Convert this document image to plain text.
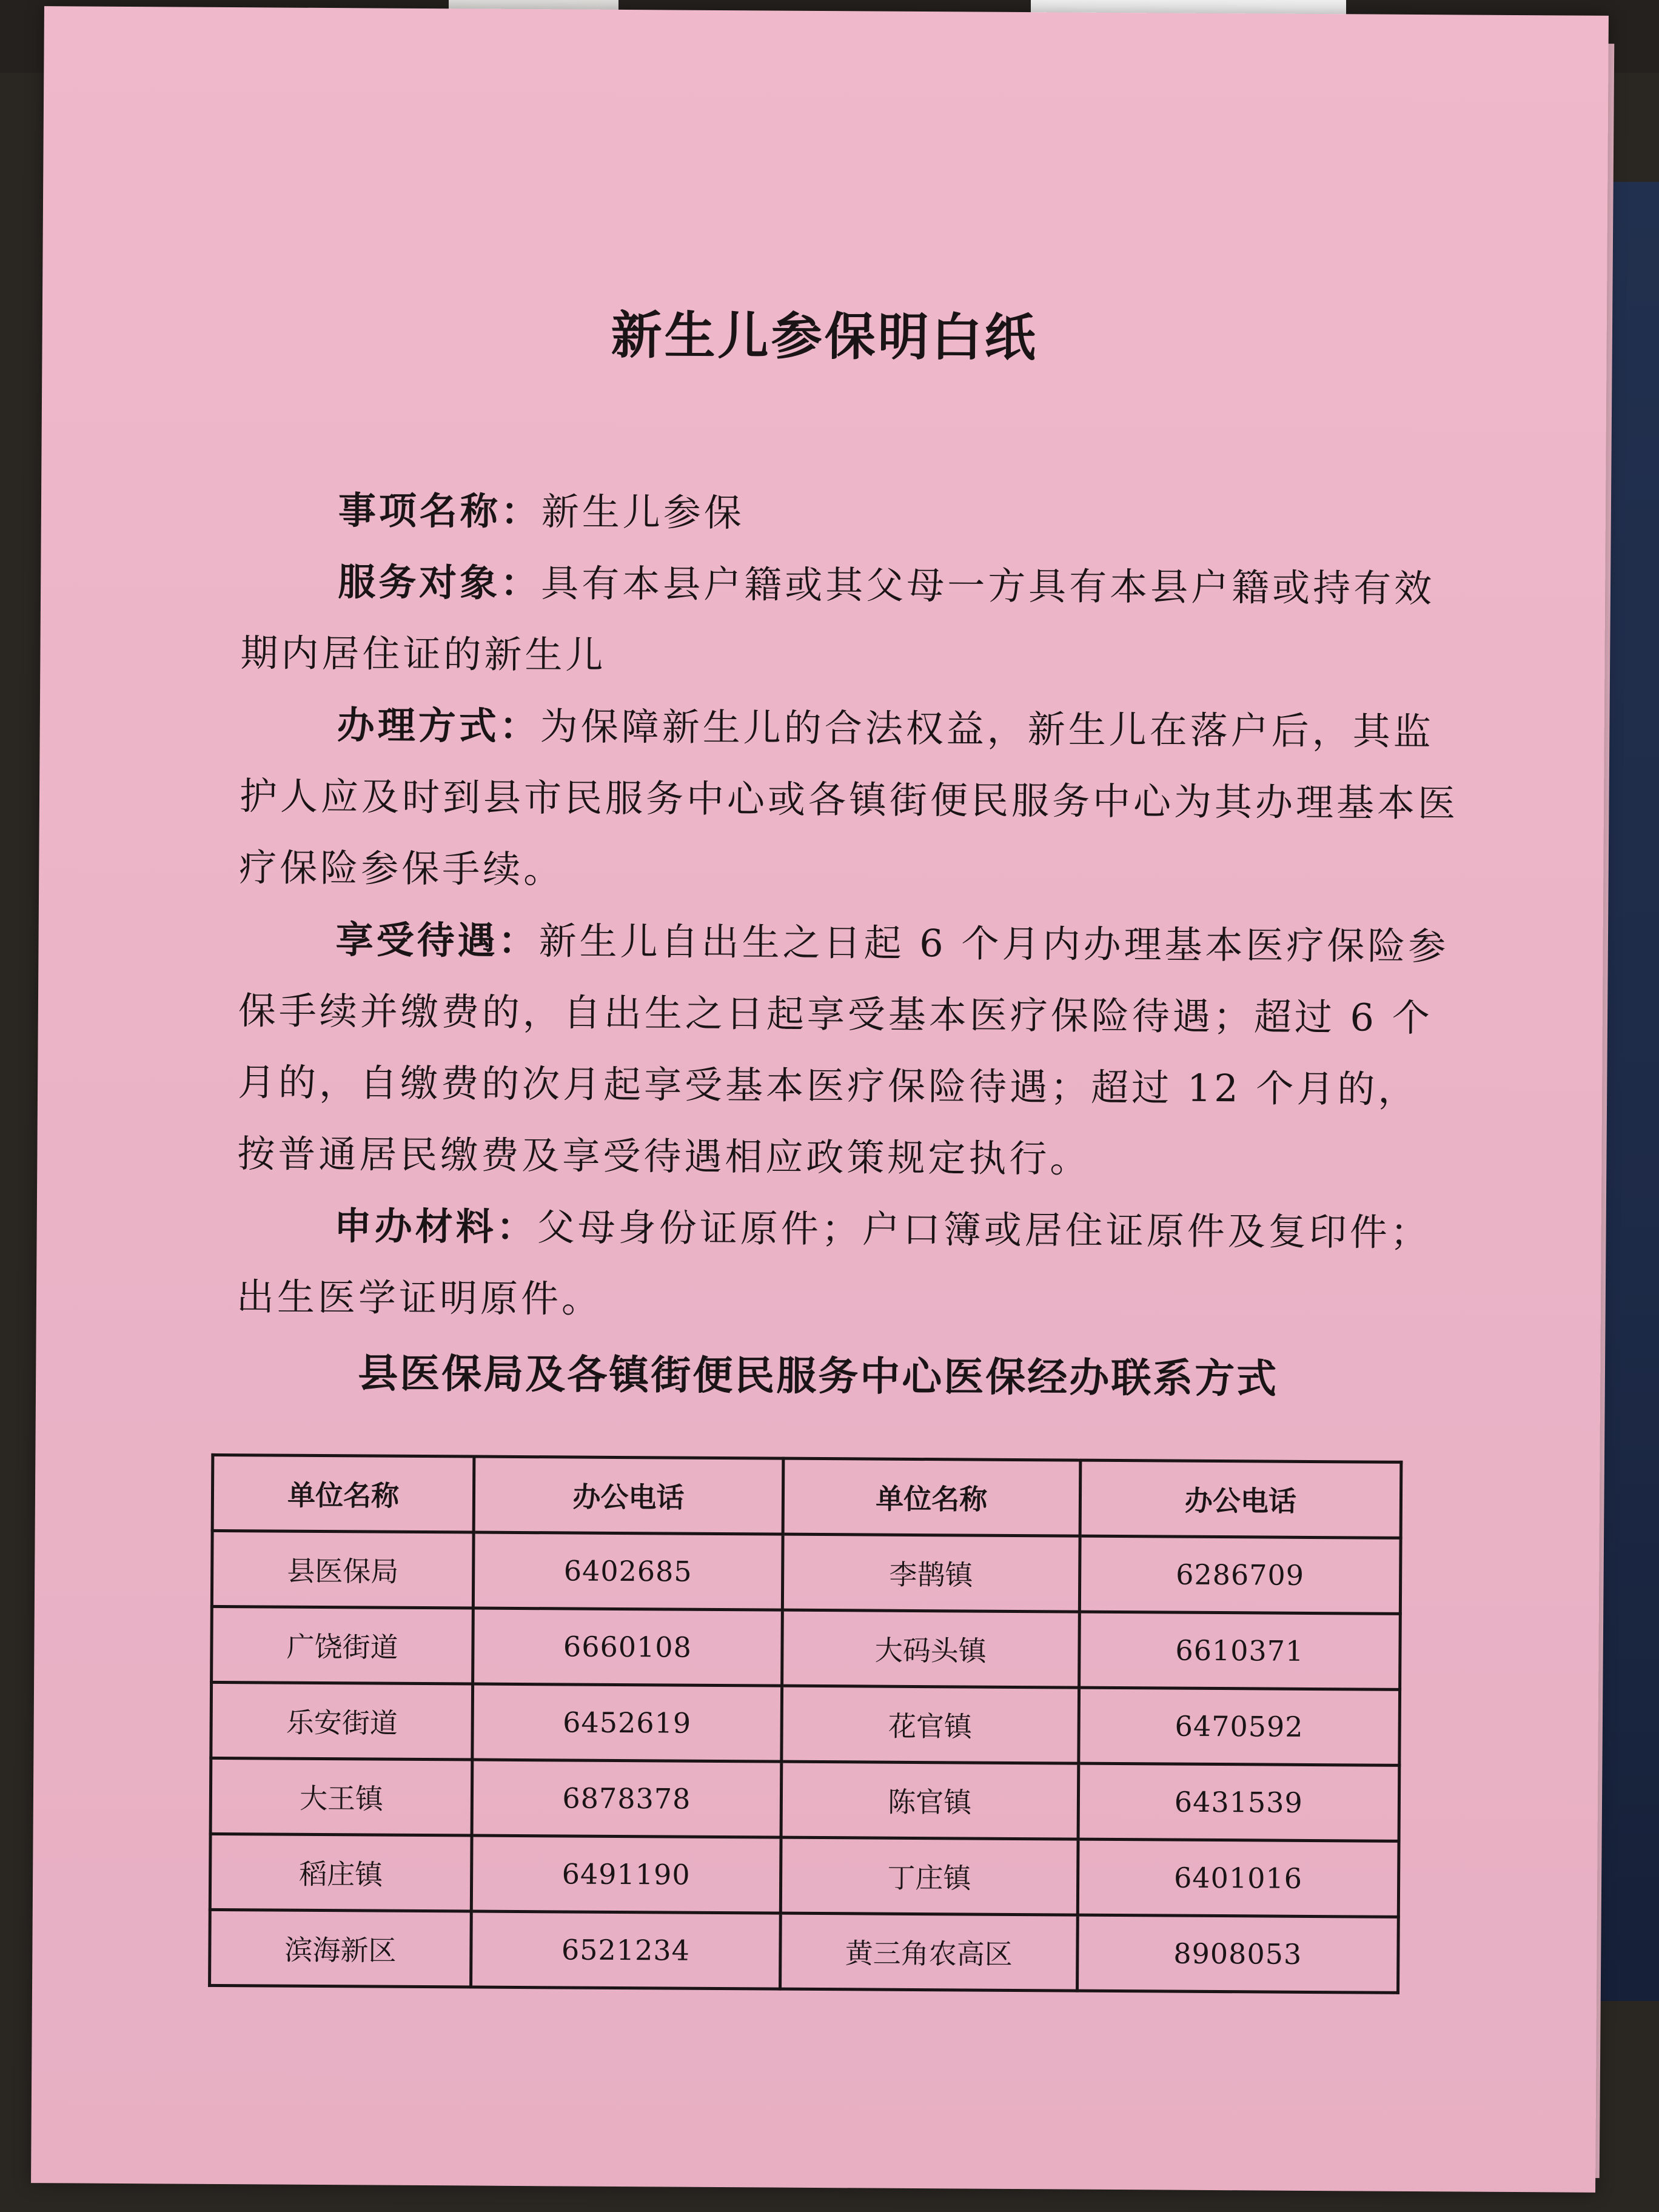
新生儿参保明白纸

事项名称：新生儿参保

服务对象：具有本县户籍或其父母一方具有本县户籍或持有效期内居住证的新生儿

办理方式：为保障新生儿的合法权益，新生儿在落户后，其监护人应及时到县市民服务中心或各镇街便民服务中心为其办理基本医疗保险参保手续。

享受待遇：新生儿自出生之日起 6 个月内办理基本医疗保险参保手续并缴费的，自出生之日起享受基本医疗保险待遇；超过 6 个月的，自缴费的次月起享受基本医疗保险待遇；超过 12 个月的，按普通居民缴费及享受待遇相应政策规定执行。

申办材料：父母身份证原件；户口簿或居住证原件及复印件；出生医学证明原件。

县医保局及各镇街便民服务中心医保经办联系方式
单位名称	办公电话	单位名称	办公电话
县医保局	6402685	李鹊镇	6286709
广饶街道	6660108	大码头镇	6610371
乐安街道	6452619	花官镇	6470592
大王镇	6878378	陈官镇	6431539
稻庄镇	6491190	丁庄镇	6401016
滨海新区	6521234	黄三角农高区	8908053
